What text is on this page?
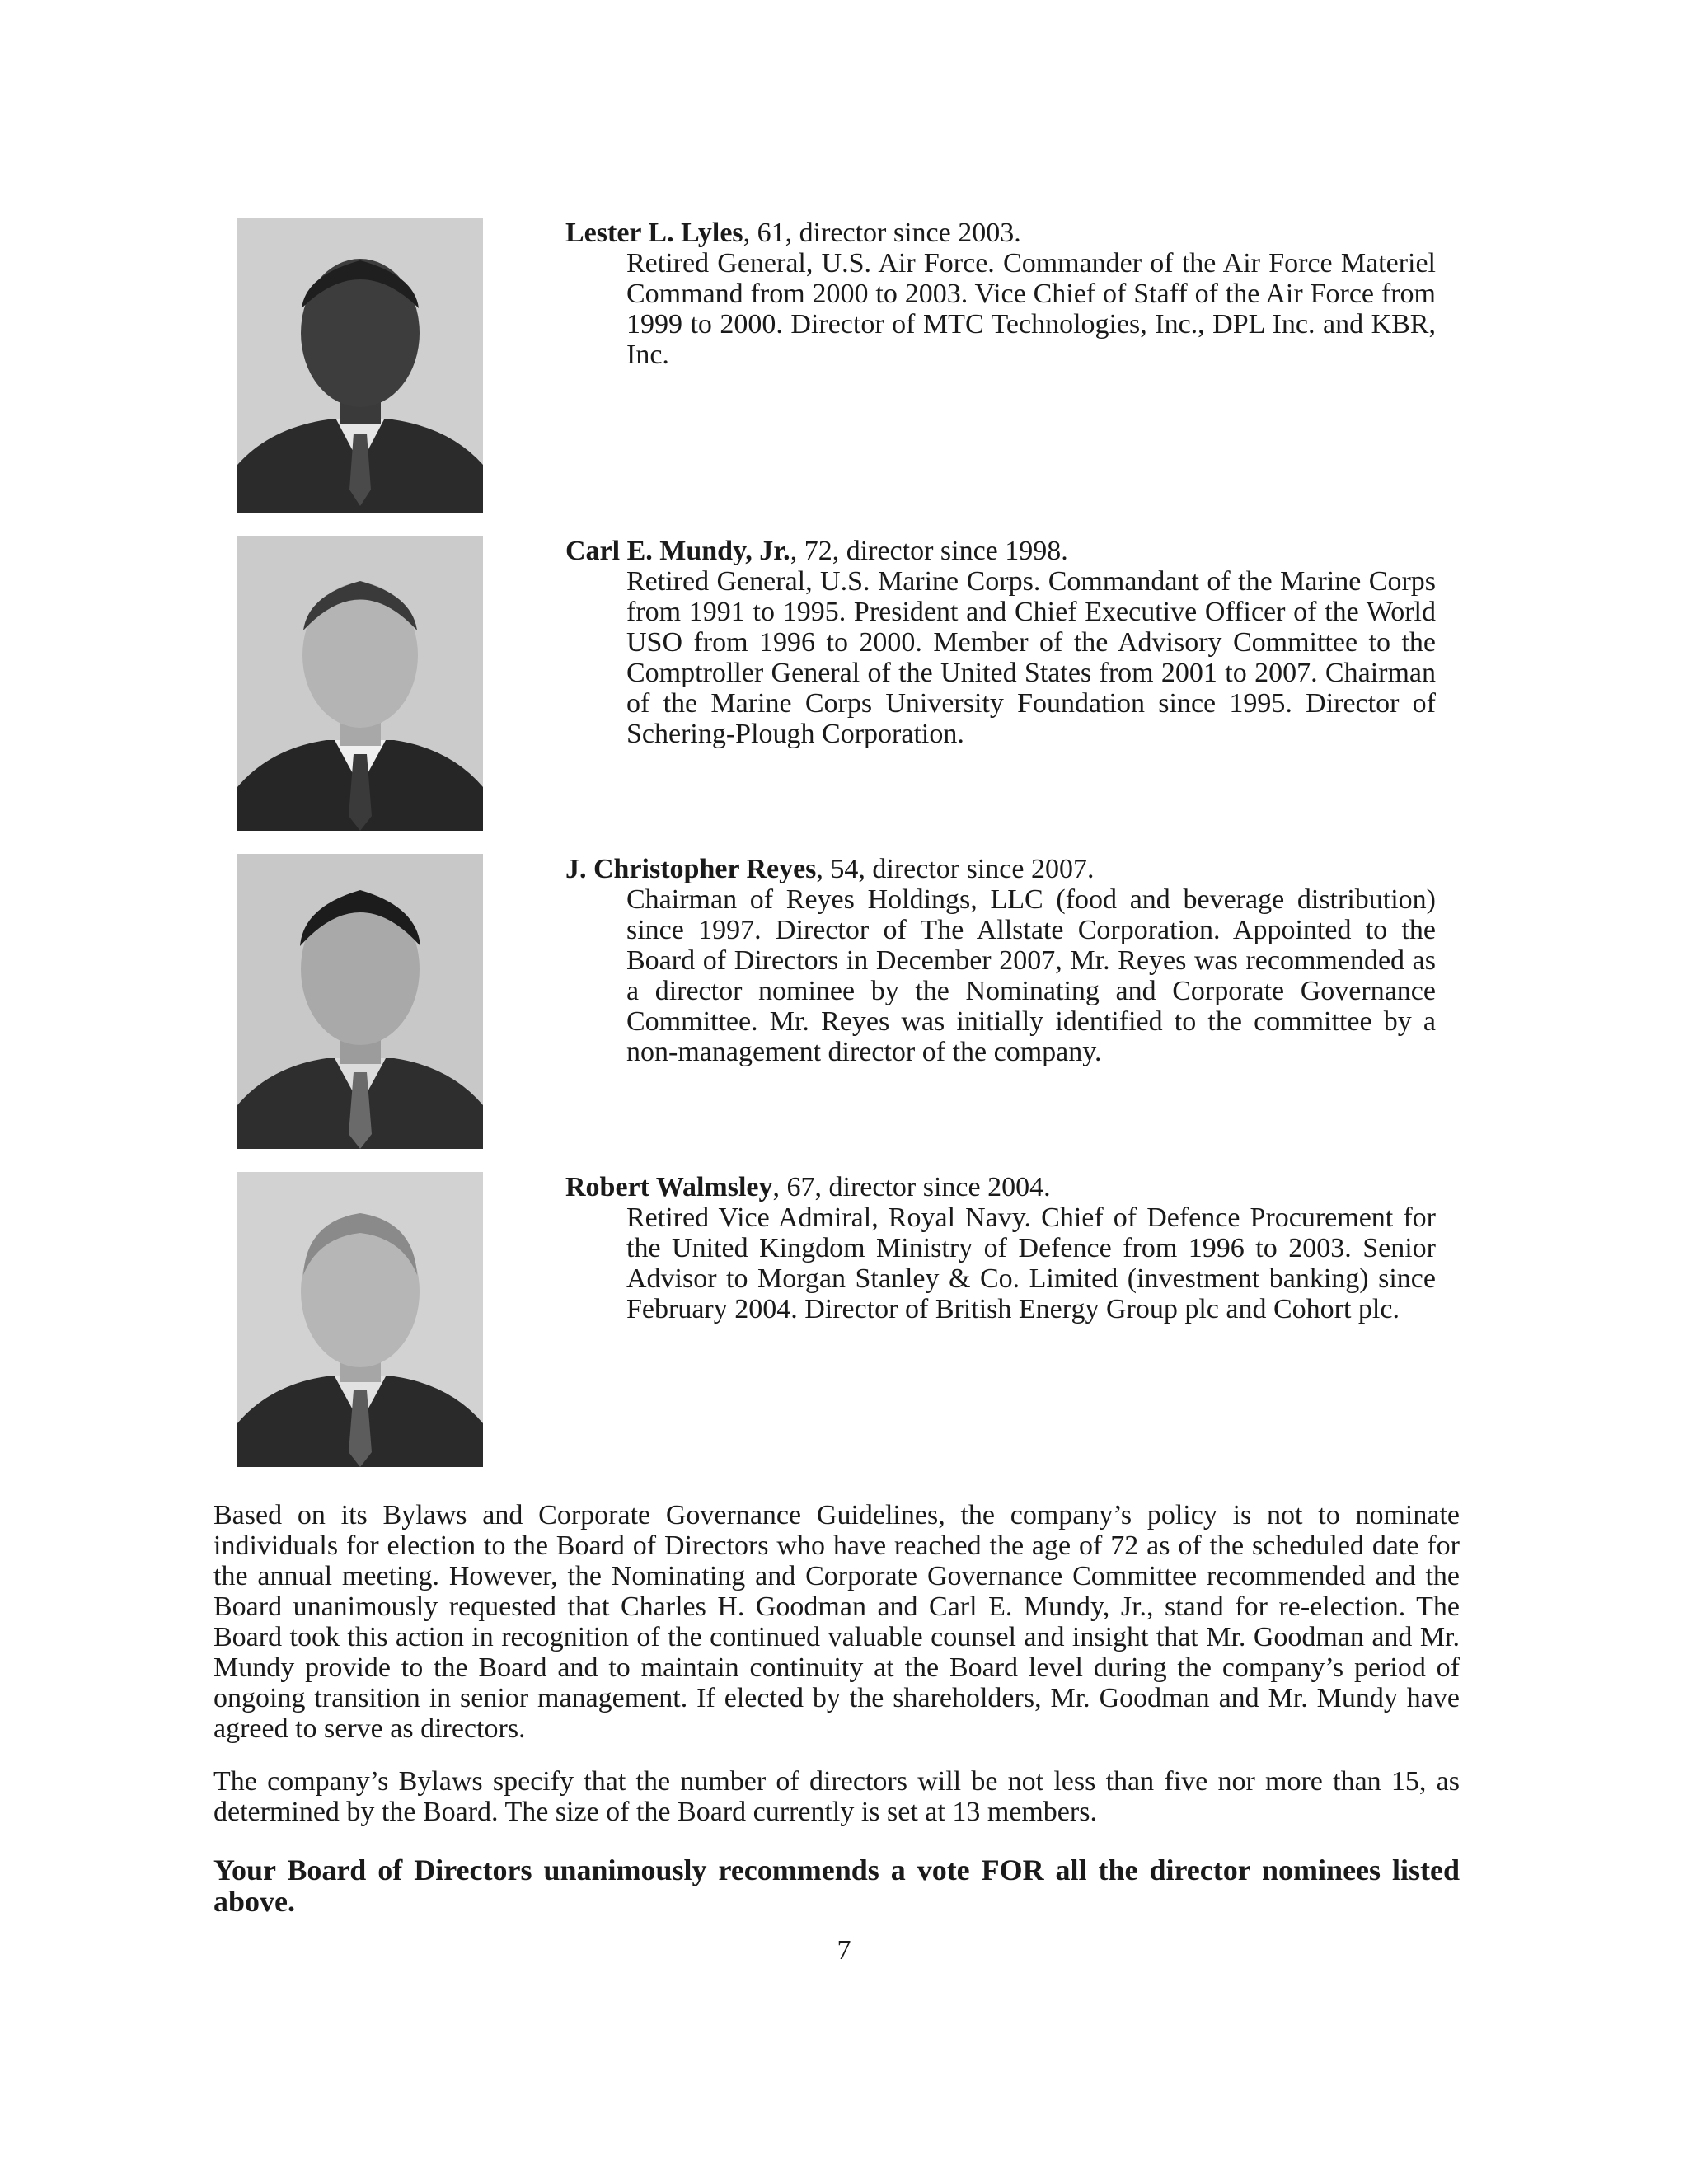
Lester L. Lyles, 61, director since 2003.

Retired General, U.S. Air Force. Commander of the Air Force Materiel Command from 2000 to 2003. Vice Chief of Staff of the Air Force from 1999 to 2000. Director of MTC Technologies, Inc., DPL Inc. and KBR, Inc.

Carl E. Mundy, Jr., 72, director since 1998.

Retired General, U.S. Marine Corps. Commandant of the Marine Corps from 1991 to 1995. President and Chief Executive Officer of the World USO from 1996 to 2000. Member of the Advisory Committee to the Comptroller General of the United States from 2001 to 2007. Chairman of the Marine Corps University Foundation since 1995. Director of Schering-Plough Corporation.

J. Christopher Reyes, 54, director since 2007.

Chairman of Reyes Holdings, LLC (food and beverage distribution) since 1997. Director of The Allstate Corporation. Appointed to the Board of Directors in December 2007, Mr. Reyes was recommended as a director nominee by the Nominating and Corporate Governance Committee. Mr. Reyes was initially identified to the committee by a non-management director of the company.

Robert Walmsley, 67, director since 2004.

Retired Vice Admiral, Royal Navy. Chief of Defence Procurement for the United Kingdom Ministry of Defence from 1996 to 2003. Senior Advisor to Morgan Stanley & Co. Limited (investment banking) since February 2004. Director of British Energy Group plc and Cohort plc.

Based on its Bylaws and Corporate Governance Guidelines, the company’s policy is not to nominate individuals for election to the Board of Directors who have reached the age of 72 as of the scheduled date for the annual meeting. However, the Nominating and Corporate Governance Committee recommended and the Board unanimously requested that Charles H. Goodman and Carl E. Mundy, Jr., stand for re-election. The Board took this action in recognition of the continued valuable counsel and insight that Mr. Goodman and Mr. Mundy provide to the Board and to maintain continuity at the Board level during the company’s period of ongoing transition in senior management. If elected by the shareholders, Mr. Goodman and Mr. Mundy have agreed to serve as directors.

The company’s Bylaws specify that the number of directors will be not less than five nor more than 15, as determined by the Board. The size of the Board currently is set at 13 members.

Your Board of Directors unanimously recommends a vote FOR all the director nominees listed above.

7
